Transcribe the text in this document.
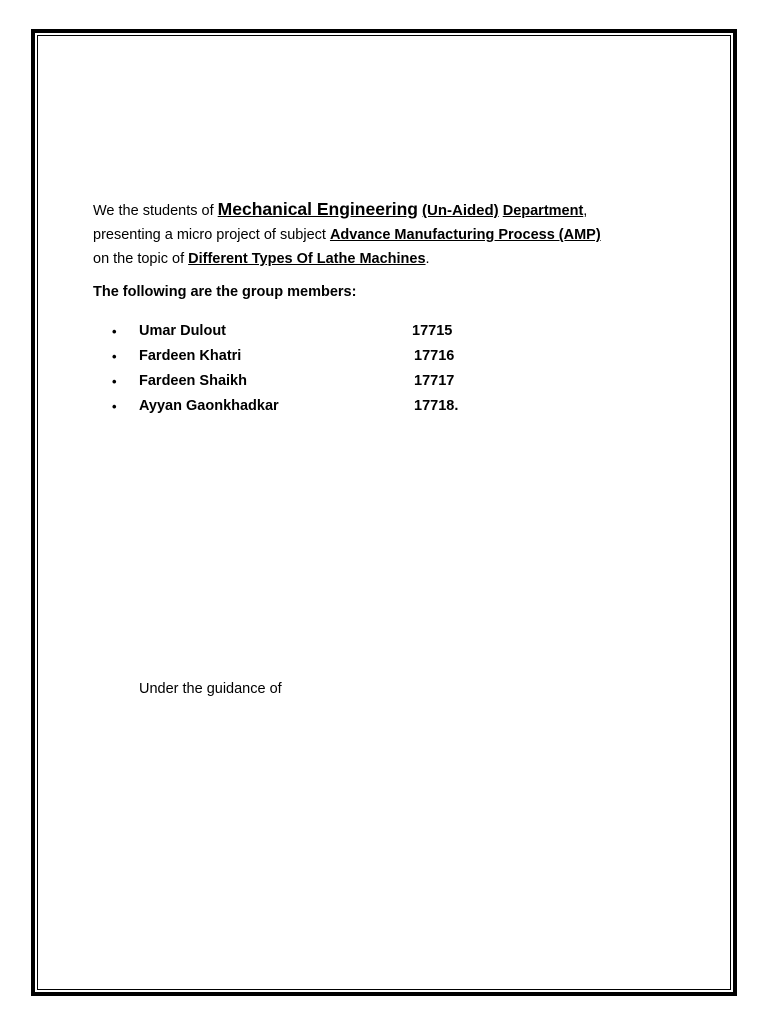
We the students of Mechanical Engineering (Un-Aided) Department,
presenting a micro project of subject Advance Manufacturing Process (AMP)
on the topic of Different Types Of Lathe Machines.
The following are the group members:
• Umar Dulout	17715
• Fardeen Khatri	17716
• Fardeen Shaikh	17717
• Ayyan Gaonkhadkar	17718.
Under the guidance of
